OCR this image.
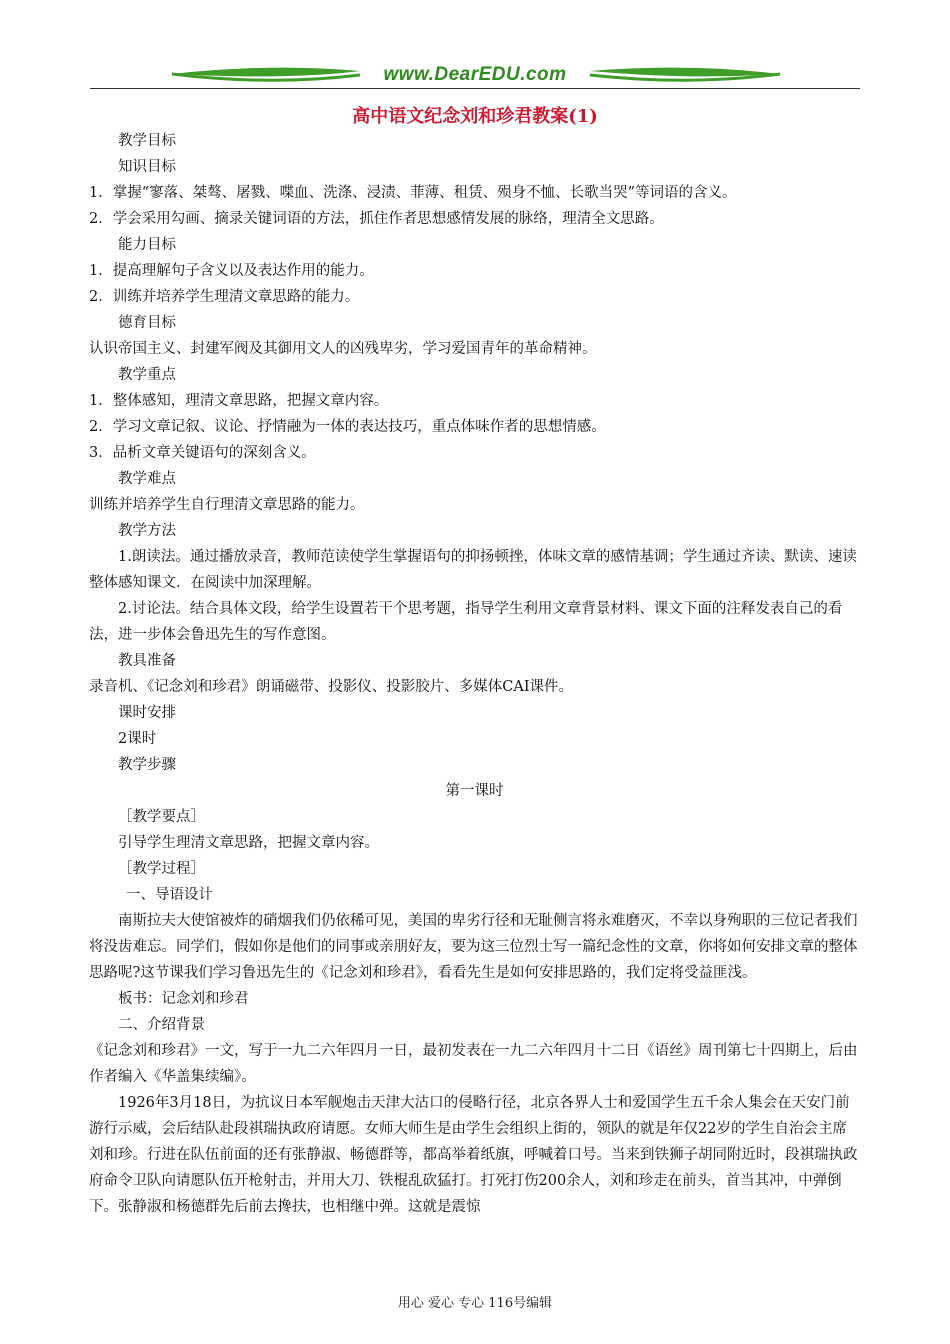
www.DearEDU.com
高中语文纪念刘和珍君教案(1)

教学目标

知识目标

1．掌握“寥落、桀骜、屠戮、喋血、洗涤、浸渍、菲薄、租赁、殒身不恤、长歌当哭”等词语的含义。

2．学会采用勾画、摘录关键词语的方法，抓住作者思想感情发展的脉络，理清全文思路。

能力目标

1．提高理解句子含义以及表达作用的能力。

2．训练并培养学生理清文章思路的能力。

德育目标

认识帝国主义、封建军阀及其御用文人的凶残卑劣，学习爱国青年的革命精神。

教学重点

1．整体感知，理清文章思路，把握文章内容。

2．学习文章记叙、议论、抒情融为一体的表达技巧，重点体味作者的思想情感。

3．品析文章关键语句的深刻含义。

教学难点

训练并培养学生自行理清文章思路的能力。

教学方法

1.朗读法。通过播放录音，教师范读使学生掌握语句的抑扬顿挫，体味文章的感情基调；学生通过齐读、默读、速读整体感知课文．在阅读中加深理解。

2.讨论法。结合具体文段，给学生设置若干个思考题，指导学生利用文章背景材料、课文下面的注释发表自己的看法，进一步体会鲁迅先生的写作意图。

教具准备

录音机、《记念刘和珍君》朗诵磁带、投影仪、投影胶片、多媒体CAI课件。

课时安排

2课时

教学步骤

第一课时

［教学要点］

引导学生理清文章思路，把握文章内容。

［教学过程］

一、导语设计

南斯拉夫大使馆被炸的硝烟我们仍依稀可见，美国的卑劣行径和无耻侧言将永难磨灭，不幸以身殉职的三位记者我们将没齿难忘。同学们，假如你是他们的同事或亲朋好友，要为这三位烈士写一篇纪念性的文章，你将如何安排文章的整体思路呢?这节课我们学习鲁迅先生的《记念刘和珍君》，看看先生是如何安排思路的，我们定将受益匪浅。

板书：记念刘和珍君

二、介绍背景

《记念刘和珍君》一文，写于一九二六年四月一日，最初发表在一九二六年四月十二日《语丝》周刊第七十四期上，后由作者编入《华盖集续编》。

1926年3月18日，为抗议日本军舰炮击天津大沽口的侵略行径，北京各界人士和爱国学生五千余人集会在天安门前游行示威，会后结队赴段祺瑞执政府请愿。女师大师生是由学生会组织上街的，领队的就是年仅22岁的学生自治会主席刘和珍。行进在队伍前面的还有张静淑、畅德群等，都高举着纸旗，呼喊着口号。当来到铁狮子胡同附近时，段祺瑞执政府命令卫队向请愿队伍开枪射击，并用大刀、铁棍乱砍猛打。打死打伤200余人，刘和珍走在前头，首当其冲，中弹倒下。张静淑和杨德群先后前去搀扶，也相继中弹。这就是震惊

用心 爱心 专心 116号编辑
